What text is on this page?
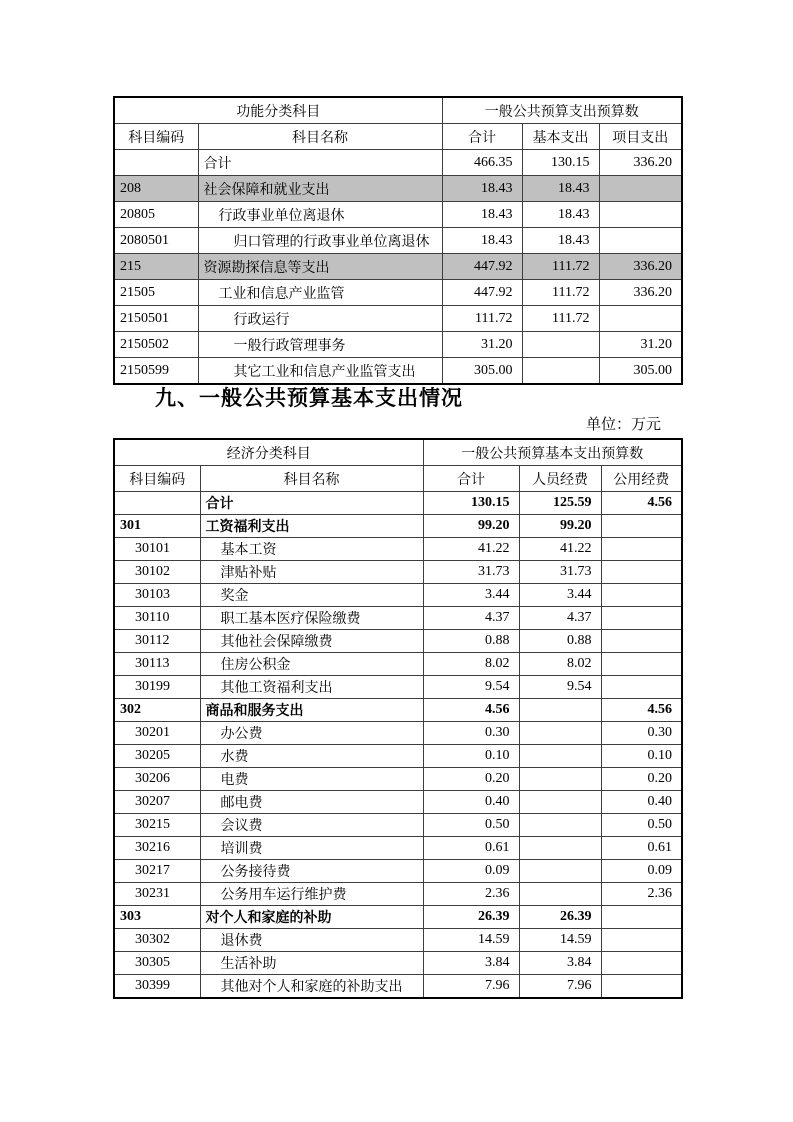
功能分类科目		一般公共预算支出预算数		
科目编码	科目名称	合计	基本支出	项目支出
	合计	466.35	130.15	336.20
208	社会保障和就业支出	18.43	18.43	
20805	行政事业单位离退休	18.43	18.43	
2080501	归口管理的行政事业单位离退休	18.43	18.43	
215	资源勘探信息等支出	447.92	111.72	336.20
21505	工业和信息产业监管	447.92	111.72	336.20
2150501	行政运行	111.72	111.72	
2150502	一般行政管理事务	31.20		31.20
2150599	其它工业和信息产业监管支出	305.00		305.00
九、一般公共预算基本支出情况
单位：万元
经济分类科目		一般公共预算基本支出预算数		
科目编码	科目名称	合计	人员经费	公用经费
	合计	130.15	125.59	4.56
301	工资福利支出	99.20	99.20	
30101	基本工资	41.22	41.22	
30102	津贴补贴	31.73	31.73	
30103	奖金	3.44	3.44	
30110	职工基本医疗保险缴费	4.37	4.37	
30112	其他社会保障缴费	0.88	0.88	
30113	住房公积金	8.02	8.02	
30199	其他工资福利支出	9.54	9.54	
302	商品和服务支出	4.56		4.56
30201	办公费	0.30		0.30
30205	水费	0.10		0.10
30206	电费	0.20		0.20
30207	邮电费	0.40		0.40
30215	会议费	0.50		0.50
30216	培训费	0.61		0.61
30217	公务接待费	0.09		0.09
30231	公务用车运行维护费	2.36		2.36
303	对个人和家庭的补助	26.39	26.39	
30302	退休费	14.59	14.59	
30305	生活补助	3.84	3.84	
30399	其他对个人和家庭的补助支出	7.96	7.96	
